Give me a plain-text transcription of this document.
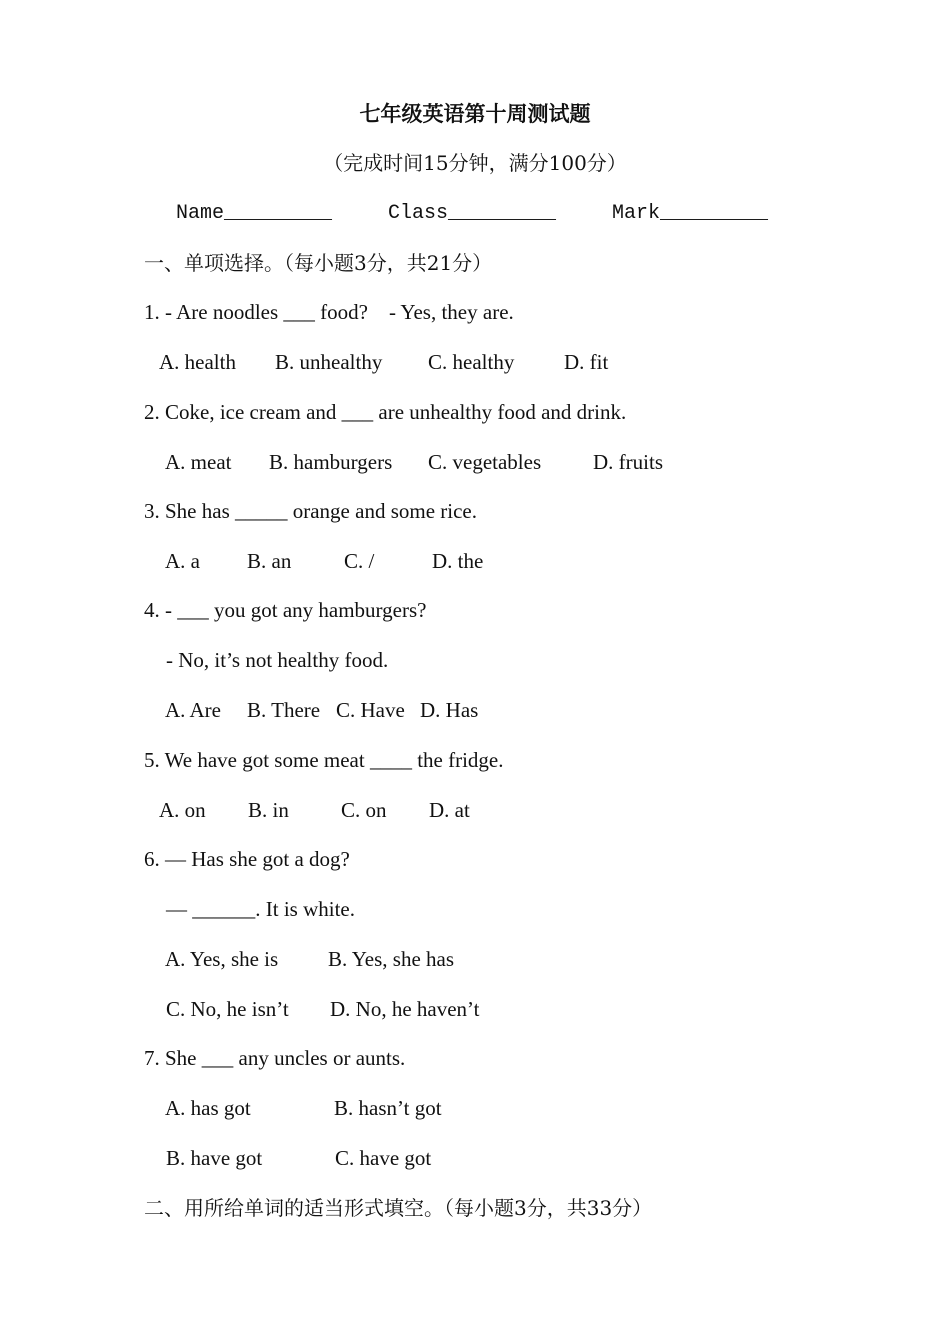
七年级英语第十周测试题
（完成时间15分钟，满分100分）
Name_________	Class_________	Mark_________
一、单项选择。（每小题3分，共21分）
1. - Are noodles ___ food?    - Yes, they are.
A. health B. unhealthy C. healthy D. fit
2. Coke, ice cream and ___ are unhealthy food and drink.
A. meat B. hamburgers C. vegetables D. fruits
3. She has _____ orange and some rice.
A. a B. an	C. /	D. the
4. - ___ you got any hamburgers?
- No, it’s not healthy food.
A. Are B. There C. Have D. Has
5. We have got some meat ____ the fridge.
A. on B. in C. on D. at
6. — Has she got a dog?
— ______. It is white.
A. Yes, she is B. Yes, she has
C. No, he isn’t D. No, he haven’t
7. She ___ any uncles or aunts.
A. has got	B. hasn’t got
B. have got	C. have got
二、用所给单词的适当形式填空。（每小题3分，共33分）
